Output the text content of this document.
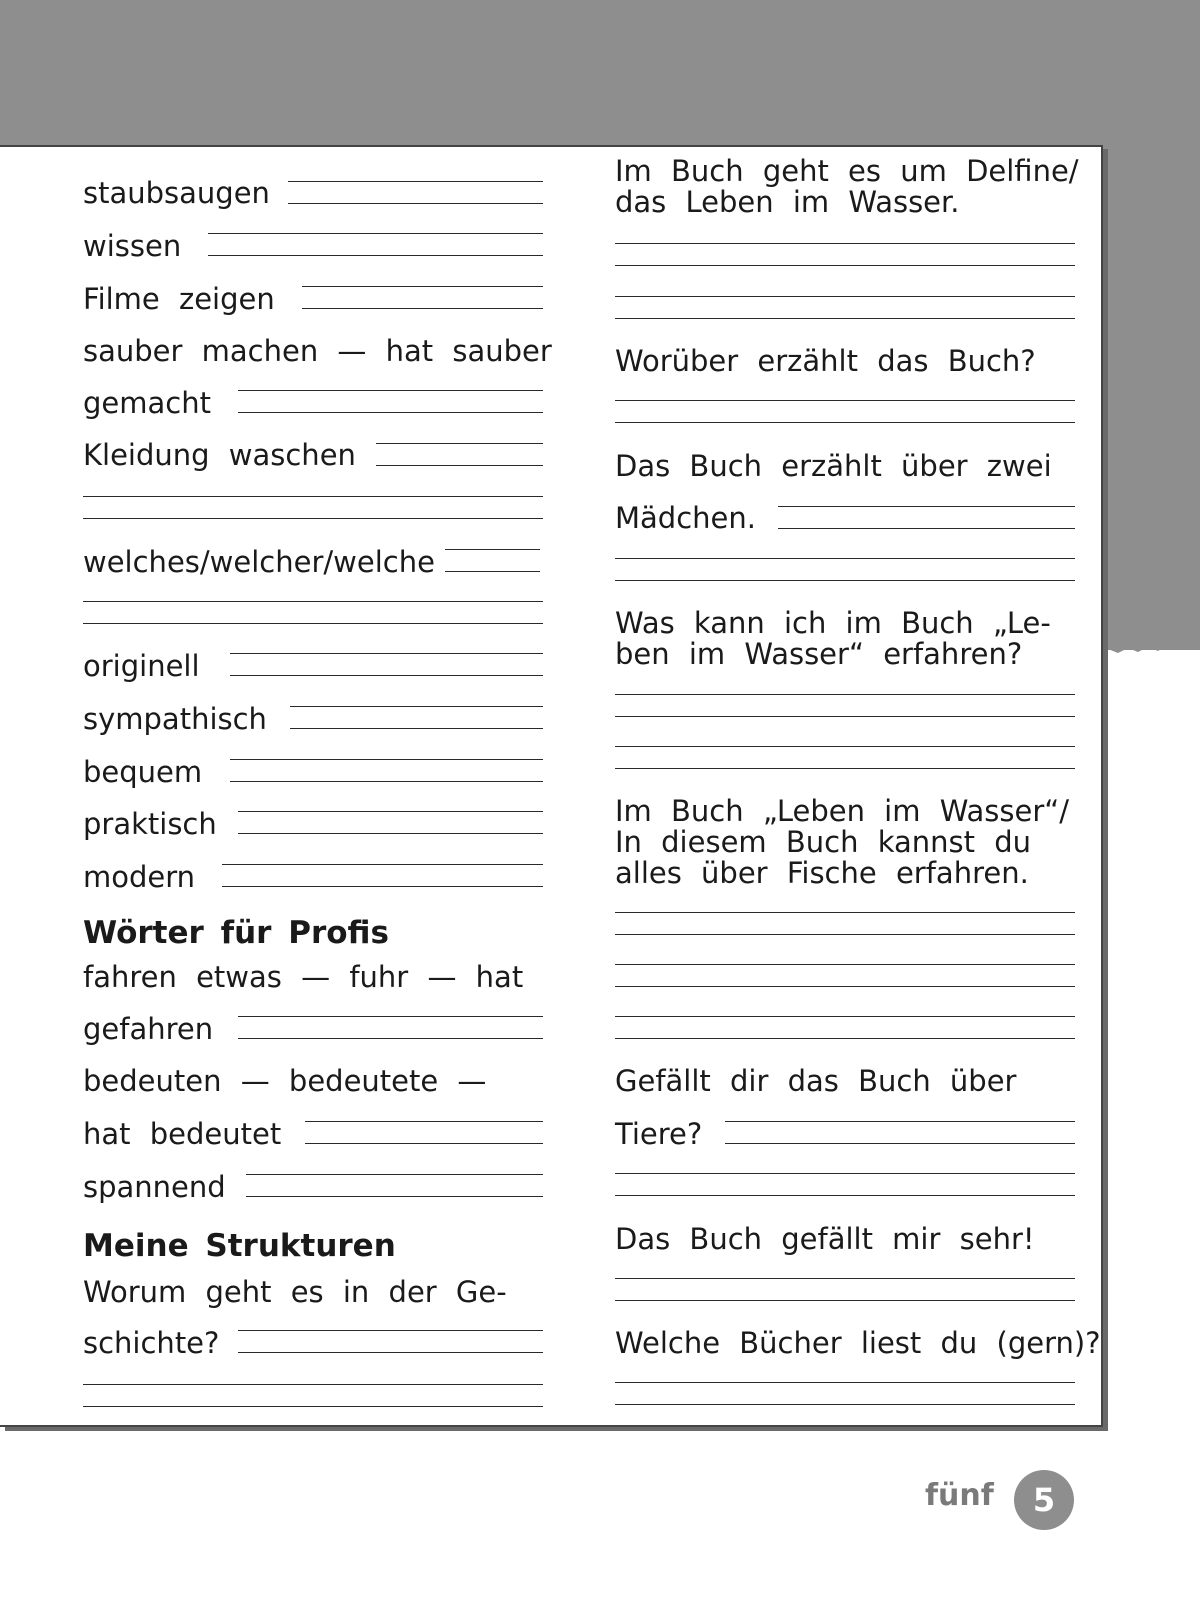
staubsaugen

wissen

Filme zeigen

sauber machen — hat sauber

gemacht

Kleidung waschen

welches/welcher/welche

originell

sympathisch

bequem

praktisch

modern

Wörter für Profis

fahren etwas — fuhr — hat

gefahren

bedeuten — bedeutete —

hat bedeutet

spannend

Meine Strukturen

Worum geht es in der Ge-

schichte?

Im Buch geht es um Delfine/
das Leben im Wasser.

Worüber erzählt das Buch?

Das Buch erzählt über zwei

Mädchen.

Was kann ich im Buch „Le-
ben im Wasser“ erfahren?

Im Buch „Leben im Wasser“/
In diesem Buch kannst du
alles über Fische erfahren.

Gefällt dir das Buch über

Tiere?

Das Buch gefällt mir sehr!

Welche Bücher liest du (gern)?

fünf	5
